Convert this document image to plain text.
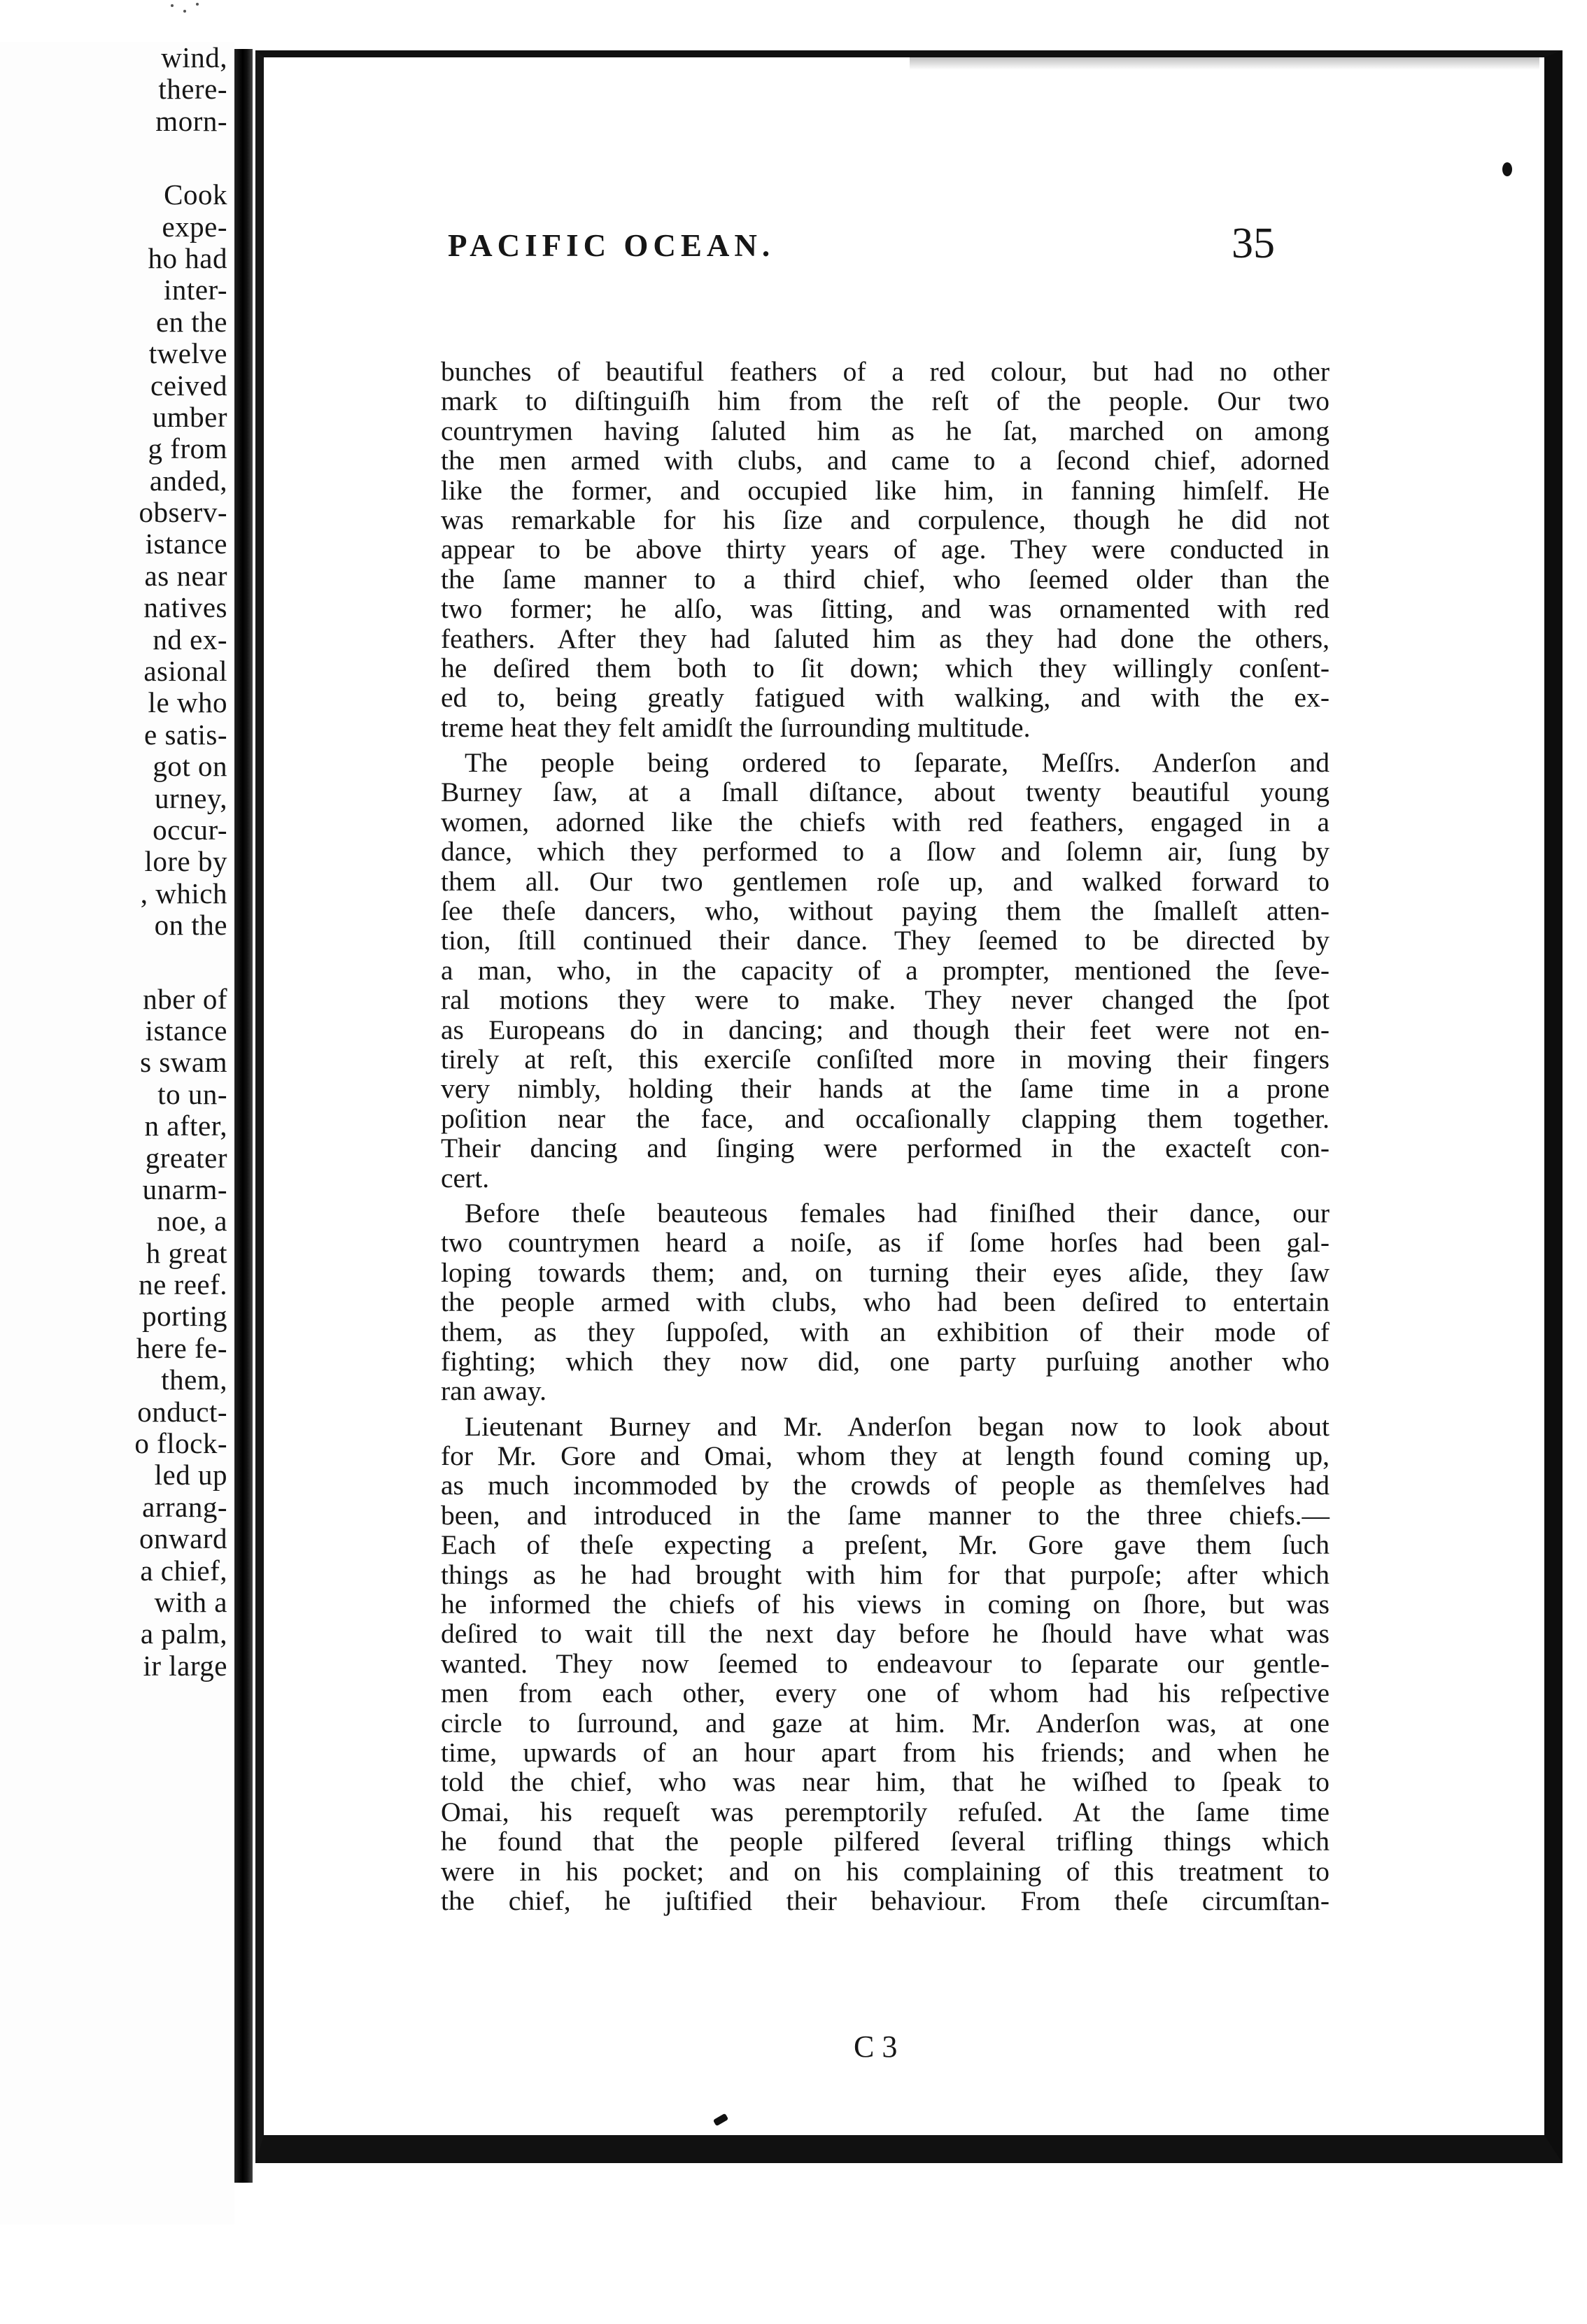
wind,
there-
morn-
Cook
expe-
ho had
inter-
en the
twelve
ceived
umber
g from
anded,
observ-
istance
as near
natives
nd ex-
asional
le who
e satis-
got on
urney,
occur-
lore by
, which
on the
nber of
istance
s swam
to un-
n after,
greater
unarm-
noe, a
h great
ne reef.
porting
here fe-
them,
onduct-
o flock-
led up
arrang-
onward
a chief,
with a
a palm,
ir large
PACIFIC OCEAN.	35
bunches of beautiful feathers of a red colour, but had no other
mark to diſtinguiſh him from the reſt of the people. Our two
countrymen having ſaluted him as he ſat, marched on among
the men armed with clubs, and came to a ſecond chief, adorned
like the former, and occupied like him, in fanning himſelf. He
was remarkable for his ſize and corpulence, though he did not
appear to be above thirty years of age. They were conducted in
the ſame manner to a third chief, who ſeemed older than the
two former; he alſo, was ſitting, and was ornamented with red
feathers. After they had ſaluted him as they had done the others,
he deſired them both to ſit down; which they willingly conſent-
ed to, being greatly fatigued with walking, and with the ex-
treme heat they felt amidſt the ſurrounding multitude.
The people being ordered to ſeparate, Meſſrs. Anderſon and
Burney ſaw, at a ſmall diſtance, about twenty beautiful young
women, adorned like the chiefs with red feathers, engaged in a
dance, which they performed to a ſlow and ſolemn air, ſung by
them all. Our two gentlemen roſe up, and walked forward to
ſee theſe dancers, who, without paying them the ſmalleſt atten-
tion, ſtill continued their dance. They ſeemed to be directed by
a man, who, in the capacity of a prompter, mentioned the ſeve-
ral motions they were to make. They never changed the ſpot
as Europeans do in dancing; and though their feet were not en-
tirely at reſt, this exerciſe conſiſted more in moving their fingers
very nimbly, holding their hands at the ſame time in a prone
poſition near the face, and occaſionally clapping them together.
Their dancing and ſinging were performed in the exacteſt con-
cert.
Before theſe beauteous females had finiſhed their dance, our
two countrymen heard a noiſe, as if ſome horſes had been gal-
loping towards them; and, on turning their eyes aſide, they ſaw
the people armed with clubs, who had been deſired to entertain
them, as they ſuppoſed, with an exhibition of their mode of
fighting; which they now did, one party purſuing another who
ran away.
Lieutenant Burney and Mr. Anderſon began now to look about
for Mr. Gore and Omai, whom they at length found coming up,
as much incommoded by the crowds of people as themſelves had
been, and introduced in the ſame manner to the three chiefs.—
Each of theſe expecting a preſent, Mr. Gore gave them ſuch
things as he had brought with him for that purpoſe; after which
he informed the chiefs of his views in coming on ſhore, but was
deſired to wait till the next day before he ſhould have what was
wanted. They now ſeemed to endeavour to ſeparate our gentle-
men from each other, every one of whom had his reſpective
circle to ſurround, and gaze at him. Mr. Anderſon was, at one
time, upwards of an hour apart from his friends; and when he
told the chief, who was near him, that he wiſhed to ſpeak to
Omai, his requeſt was peremptorily refuſed. At the ſame time
he found that the people pilfered ſeveral trifling things which
were in his pocket; and on his complaining of this treatment to
the chief, he juſtified their behaviour. From theſe circumſtan-
C 3
